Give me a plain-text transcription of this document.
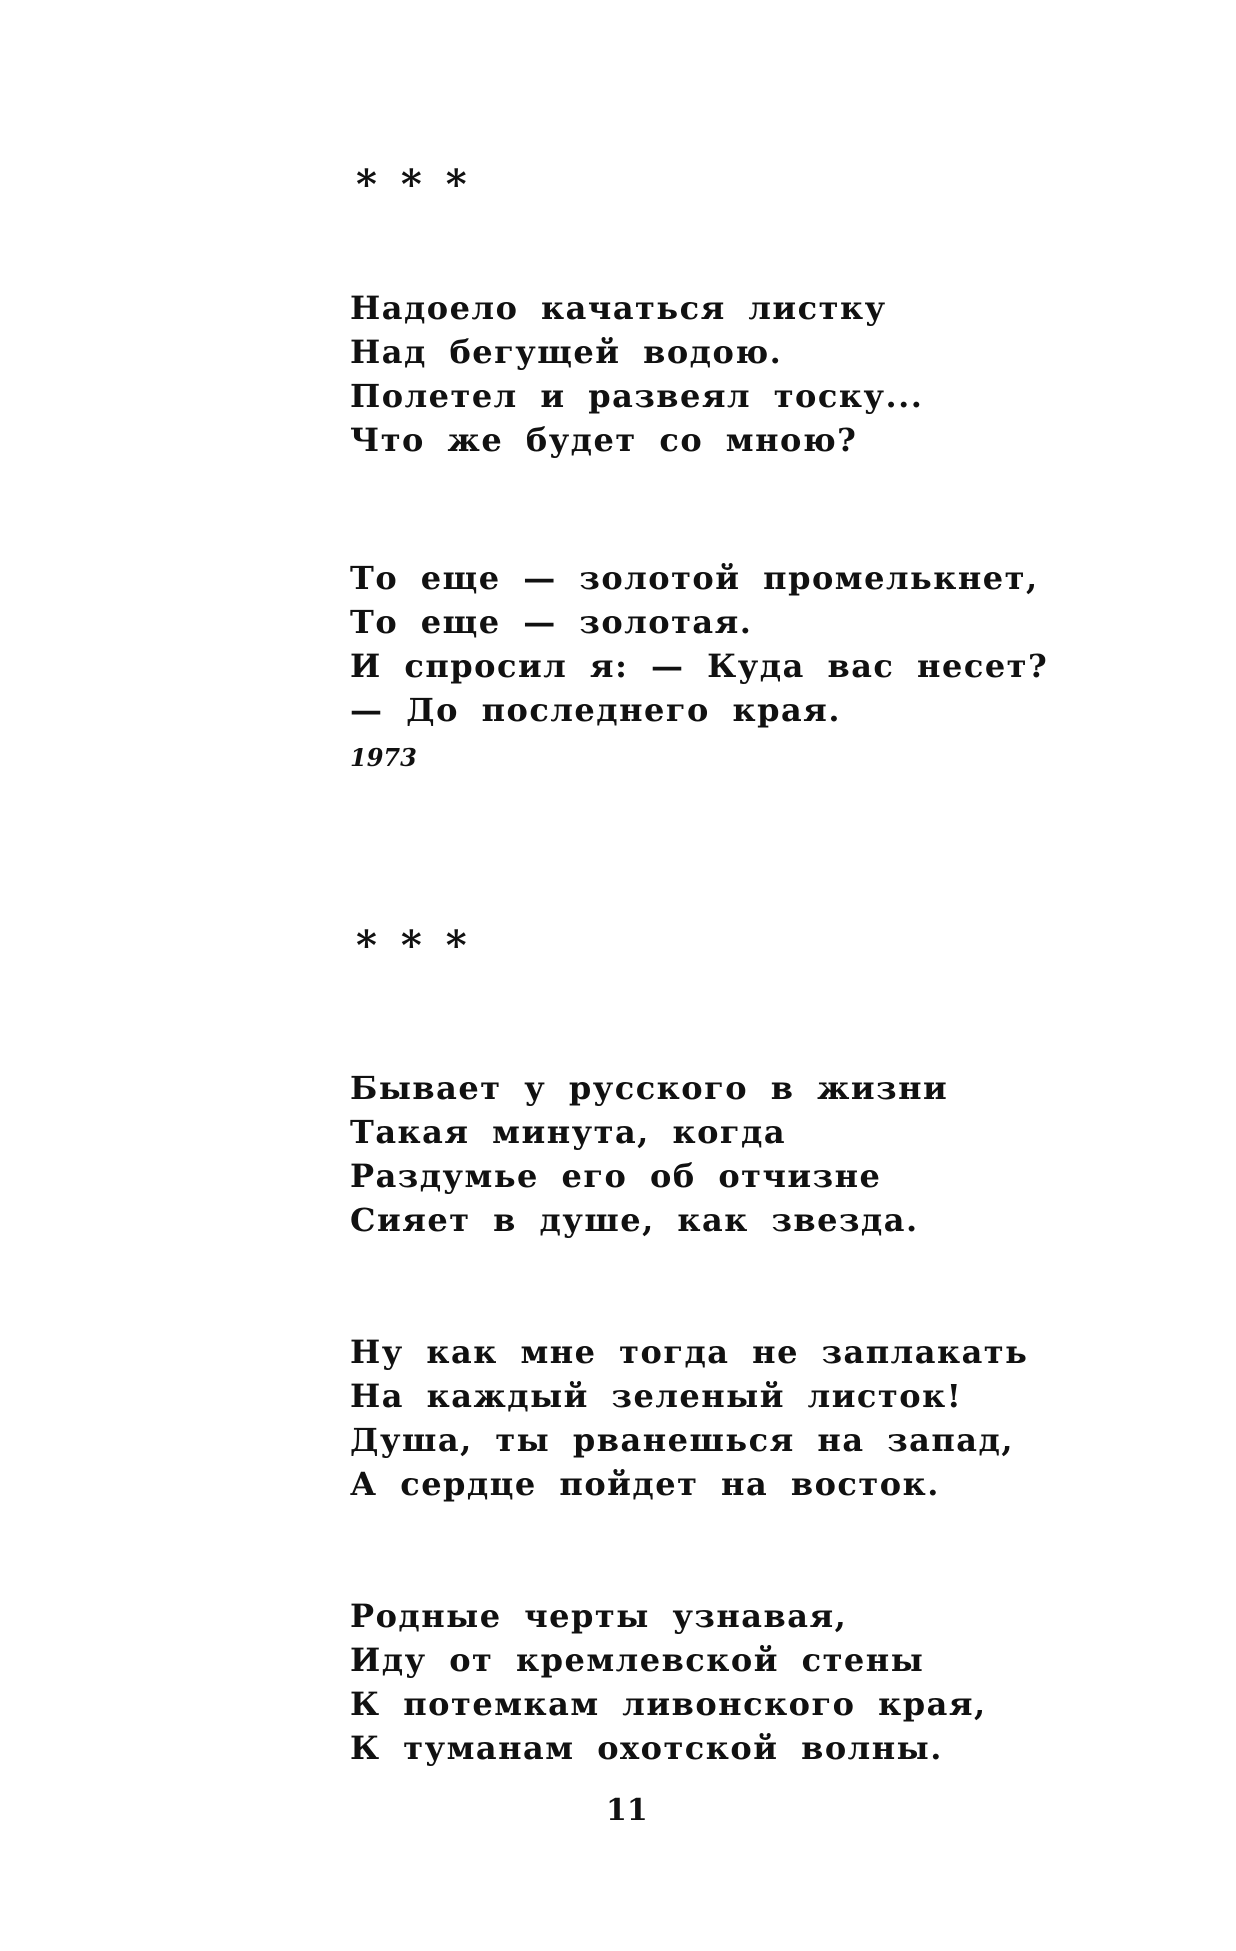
* * *
Надоело качаться листку
Над бегущей водою.
Полетел и развеял тоску...
Что же будет со мною?
То еще — золотой промелькнет,
То еще — золотая.
И спросил я: — Куда вас несет?
— До последнего края.
1973
* * *
Бывает у русского в жизни
Такая минута, когда
Раздумье его об отчизне
Сияет в душе, как звезда.
Ну как мне тогда не заплакать
На каждый зеленый листок!
Душа, ты рванешься на запад,
А сердце пойдет на восток.
Родные черты узнавая,
Иду от кремлевской стены
К потемкам ливонского края,
К туманам охотской волны.
11
